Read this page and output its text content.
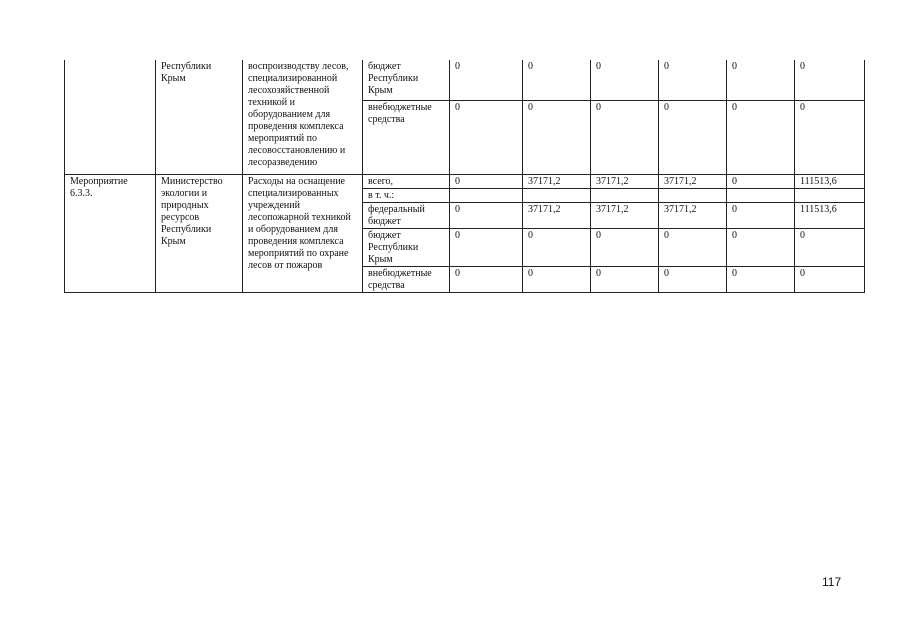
	Республики Крым	воспроизводству лесов, специализированной лесохозяйственной техникой и оборудованием для проведения комплекса мероприятий по лесовосстановлению и лесоразведению	бюджет Республики Крым	0	0	0	0	0	0
			внебюджетные средства	0	0	0	0	0	0
Мероприятие 6.3.3.	Министерство экологии и природных ресурсов Республики Крым	Расходы на оснащение специализированных учреждений лесопожарной техникой и оборудованием для проведения комплекса мероприятий по охране лесов от пожаров	всего,	0	37171,2	37171,2	37171,2	0	111513,6
			в т. ч.:						
			федеральный бюджет	0	37171,2	37171,2	37171,2	0	111513,6
			бюджет Республики Крым	0	0	0	0	0	0
			внебюджетные средства	0	0	0	0	0	0
117
